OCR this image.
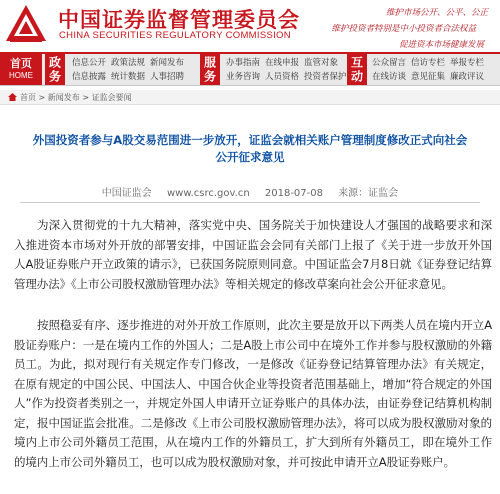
中国证券监督管理委员会
CHINA SECURITIES REGULATORY COMMISSION
维护市场公开、公平、公正
维护投资者特别是中小投资者合法权益
促进资本市场健康发展
首页
HOME	政务	信息公开 政策法规 新闻发布
信息披露 统计数据 人事招聘 服务	办事指南 在线申报 监管对象
业务咨询 人员资格 投资者保护 互动	公众留言 信访专栏 举报专栏
在线访谈 意见征集 廉政评议
首页 > 新闻发布 > 证监会要闻
外国投资者参与A股交易范围进一步放开，证监会就相关账户管理制度修改正式向社会公开征求意见
中国证监会 www.csrc.gov.cn 2018-07-08 来源：证监会
为深入贯彻党的十九大精神，落实党中央、国务院关于加快建设人才强国的战略要求和深入推进资本市场对外开放的部署安排，中国证监会会同有关部门上报了《关于进一步放开外国人A股证券账户开立政策的请示》，已获国务院原则同意。中国证监会7月8日就《证券登记结算管理办法》《上市公司股权激励管理办法》等相关规定的修改草案向社会公开征求意见。
按照稳妥有序、逐步推进的对外开放工作原则，此次主要是放开以下两类人员在境内开立A股证券账户：一是在境内工作的外国人；二是A股上市公司中在境外工作并参与股权激励的外籍员工。为此，拟对现行有关规定作专门修改，一是修改《证券登记结算管理办法》有关规定，在原有规定的中国公民、中国法人、中国合伙企业等投资者范围基础上，增加“符合规定的外国人”作为投资者类别之一，并规定外国人申请开立证券账户的具体办法，由证券登记结算机构制定，报中国证监会批准。二是修改《上市公司股权激励管理办法》，将可以成为股权激励对象的境内上市公司外籍员工范围，从在境内工作的外籍员工，扩大到所有外籍员工，即在境外工作的境内上市公司外籍员工，也可以成为股权激励对象，并可按此申请开立A股证券账户。
